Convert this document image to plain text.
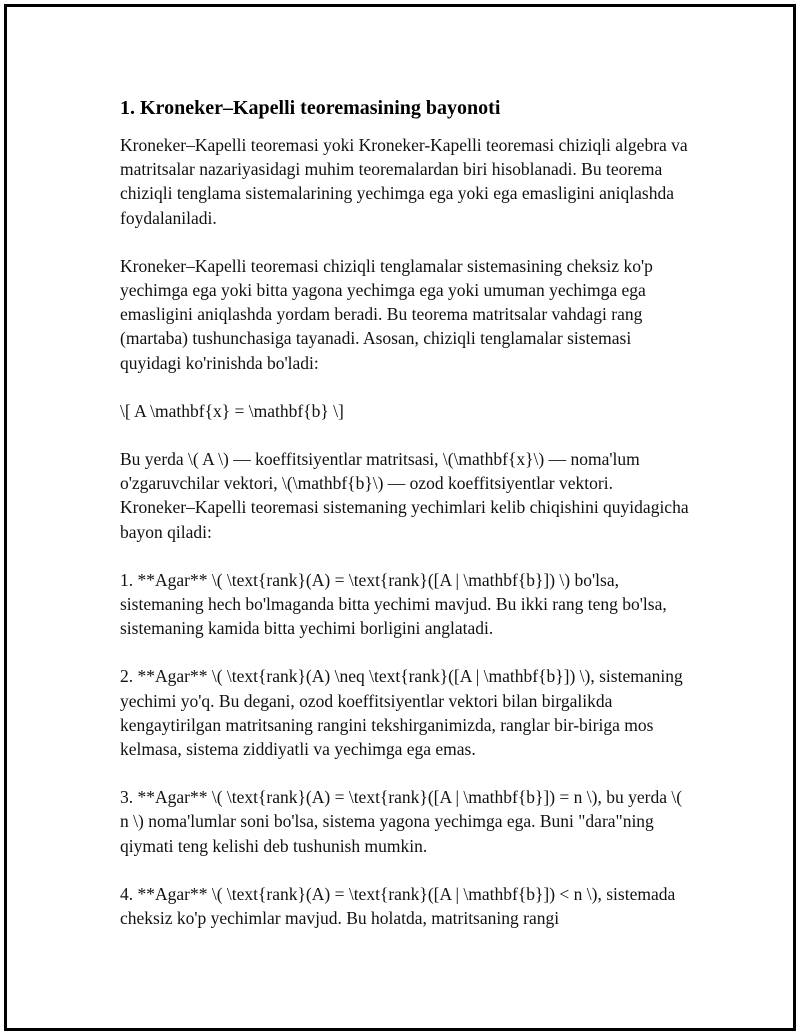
1. Kroneker–Kapelli teoremasining bayonoti

Kroneker–Kapelli teoremasi yoki Kroneker-Kapelli teoremasi chiziqli algebra va matritsalar nazariyasidagi muhim teoremalardan biri hisoblanadi. Bu teorema chiziqli tenglama sistemalarining yechimga ega yoki ega emasligini aniqlashda foydalaniladi.

Kroneker–Kapelli teoremasi chiziqli tenglamalar sistemasining cheksiz ko'p yechimga ega yoki bitta yagona yechimga ega yoki umuman yechimga ega emasligini aniqlashda yordam beradi. Bu teorema matritsalar vahdagi rang (martaba) tushunchasiga tayanadi. Asosan, chiziqli tenglamalar sistemasi quyidagi ko'rinishda bo'ladi:

\[ A \mathbf{x} = \mathbf{b} \]

Bu yerda \( A \) — koeffitsiyentlar matritsasi, \(\mathbf{x}\) — noma'lum o'zgaruvchilar vektori, \(\mathbf{b}\) — ozod koeffitsiyentlar vektori. Kroneker–Kapelli teoremasi sistemaning yechimlari kelib chiqishini quyidagicha bayon qiladi:

1. **Agar** \( \text{rank}(A) = \text{rank}([A | \mathbf{b}]) \) bo'lsa, sistemaning hech bo'lmaganda bitta yechimi mavjud. Bu ikki rang teng bo'lsa, sistemaning kamida bitta yechimi borligini anglatadi.

2. **Agar** \( \text{rank}(A) \neq \text{rank}([A | \mathbf{b}]) \), sistemaning yechimi yo'q. Bu degani, ozod koeffitsiyentlar vektori bilan birgalikda kengaytirilgan matritsaning rangini tekshirganimizda, ranglar bir-biriga mos kelmasa, sistema ziddiyatli va yechimga ega emas.

3. **Agar** \( \text{rank}(A) = \text{rank}([A | \mathbf{b}]) = n \), bu yerda \( n \) noma'lumlar soni bo'lsa, sistema yagona yechimga ega. Buni "dara"ning qiymati teng kelishi deb tushunish mumkin.

4. **Agar** \( \text{rank}(A) = \text{rank}([A | \mathbf{b}]) < n \), sistemada cheksiz ko'p yechimlar mavjud. Bu holatda, matritsaning rangi
